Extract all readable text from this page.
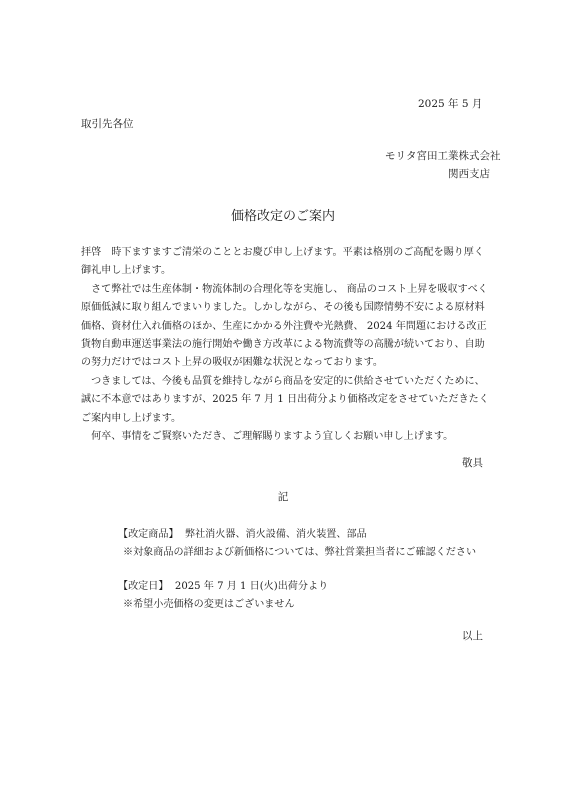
2025 年 5 月
取引先各位
モリタ宮田工業株式会社
関西支店
価格改定のご案内

拝啓　時下ますますご清栄のこととお慶び申し上げます。平素は格別のご高配を賜り厚く御礼申し上げます。

　さて弊社では生産体制・物流体制の合理化等を実施し、 商品のコスト上昇を吸収すべく原価低減に取り組んでまいりました。しかしながら、その後も国際情勢不安による原材料価格、資材仕入れ価格のほか、生産にかかる外注費や光熱費、 2024 年問題における改正貨物自動車運送事業法の施行開始や働き方改革による物流費等の高騰が続いており、自助の努力だけではコスト上昇の吸収が困難な状況となっております。

　つきましては、今後も品質を維持しながら商品を安定的に供給させていただくために、誠に不本意ではありますが、2025 年 7 月 1 日出荷分より価格改定をさせていただきたくご案内申し上げます。

　何卒、事情をご賢察いただき、ご理解賜りますよう宜しくお願い申し上げます。

敬具
記
【改定商品】 弊社消火器、消火設備、消火装置、部品
※対象商品の詳細および新価格については、弊社営業担当者にご確認ください
【改定日】 2025 年 7 月 1 日(火)出荷分より
※希望小売価格の変更はございません
以上
